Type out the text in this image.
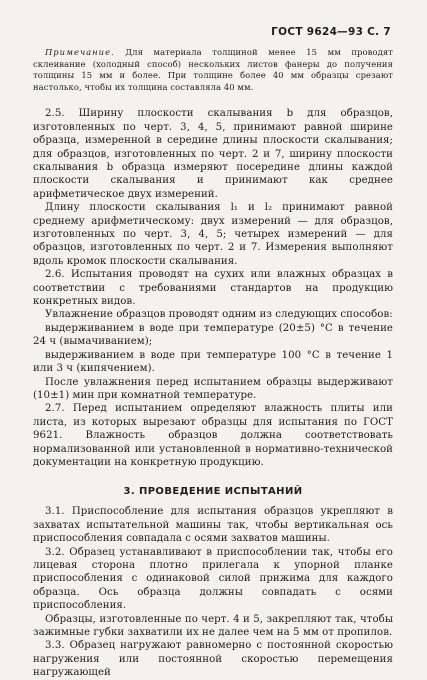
ГОСТ 9624—93 С. 7

Примечание. Для материала толщиной менее 15 мм проводят склеивание (холодный способ) нескольких листов фанеры до получения толщины 15 мм и более. При толщине более 40 мм образцы срезают настолько, чтобы их толщина составляла 40 мм.

2.5. Ширину плоскости скалывания b для образцов, изготовленных по черт. 3, 4, 5, принимают равной ширине образца, измеренной в середине длины плоскости скалывания; для образцов, изготовленных по черт. 2 и 7, ширину плоскости скалывания b образца измеряют посередине длины каждой плоскости скалывания и принимают как среднее арифметическое двух измерений.

Длину плоскости скалывания l₁ и l₂ принимают равной среднему арифметическому: двух измерений — для образцов, изготовленных по черт. 3, 4, 5; четырех измерений — для образцов, изготовленных по черт. 2 и 7. Измерения выполняют вдоль кромок плоскости скалывания.

2.6. Испытания проводят на сухих или влажных образцах в соответствии с требованиями стандартов на продукцию конкретных видов.

Увлажнение образцов проводят одним из следующих способов:

выдерживанием в воде при температуре (20±5) °С в течение 24 ч (вымачиванием);

выдерживанием в воде при температуре 100 °С в течение 1 или 3 ч (кипячением).

После увлажнения перед испытанием образцы выдерживают (10±1) мин при комнатной температуре.

2.7. Перед испытанием определяют влажность плиты или листа, из которых вырезают образцы для испытания по ГОСТ 9621. Влажность образцов должна соответствовать нормализованной или установленной в нормативно-технической документации на конкретную продукцию.

3. ПРОВЕДЕНИЕ ИСПЫТАНИЙ

3.1. Приспособление для испытания образцов укрепляют в захватах испытательной машины так, чтобы вертикальная ось приспособления совпадала с осями захватов машины.

3.2. Образец устанавливают в приспособлении так, чтобы его лицевая сторона плотно прилегала к упорной планке приспособления с одинаковой силой прижима для каждого образца. Ось образца должны совпадать с осями приспособления.

Образцы, изготовленные по черт. 4 и 5, закрепляют так, чтобы зажимные губки захватили их не далее чем на 5 мм от пропилов.

3.3. Образец нагружают равномерно с постоянной скоростью нагружения или постоянной скоростью перемещения нагружающей
